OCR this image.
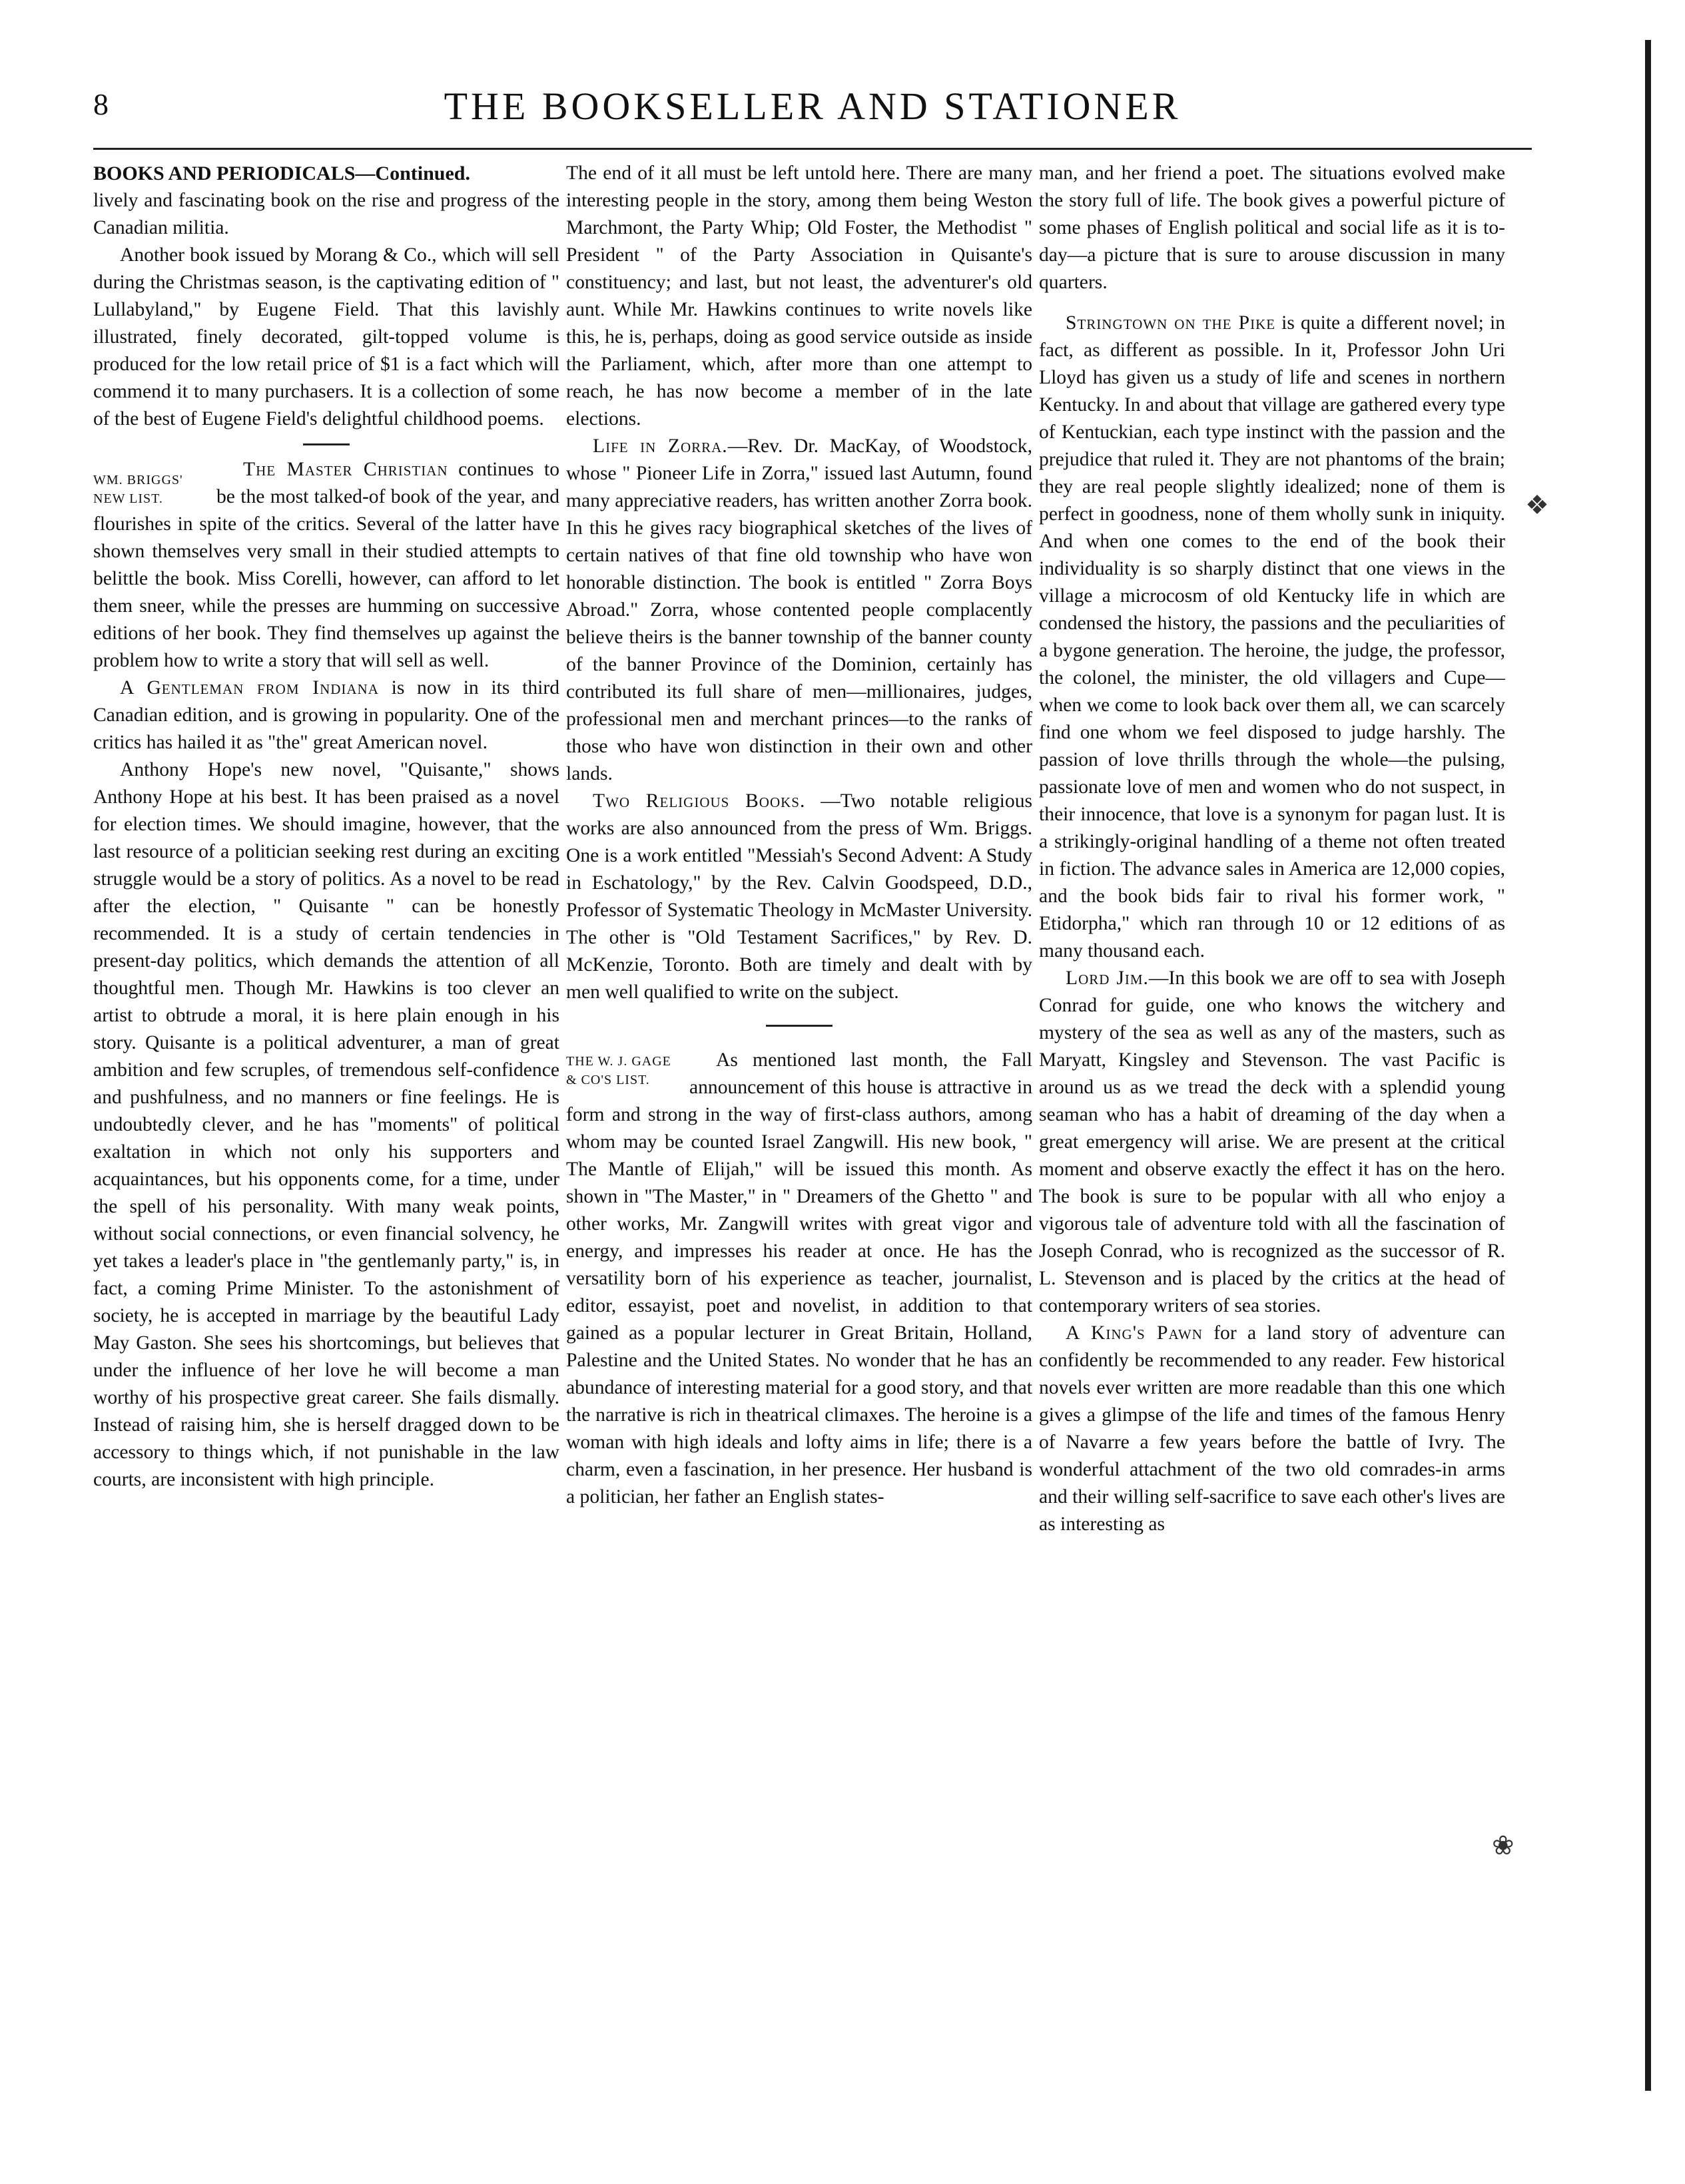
8	THE BOOKSELLER AND STATIONER
❖
❀
BOOKS AND PERIODICALS—Continued.

lively and fascinating book on the rise and progress of the Canadian militia.

Another book issued by Morang & Co., which will sell during the Christmas season, is the captivating edition of " Lullabyland," by Eugene Field. That this lavishly illustrated, finely decorated, gilt-topped volume is produced for the low retail price of $1 is a fact which will commend it to many purchasers. It is a collection of some of the best of Eugene Field's delightful childhood poems.

WM. BRIGGS'
NEW LIST.

The Master Christian continues to be the most talked-of book of the year, and flourishes in spite of the critics. Several of the latter have shown themselves very small in their studied attempts to belittle the book. Miss Corelli, however, can afford to let them sneer, while the presses are humming on successive editions of her book. They find themselves up against the problem how to write a story that will sell as well.

A Gentleman from Indiana is now in its third Canadian edition, and is growing in popularity. One of the critics has hailed it as "the" great American novel.

Anthony Hope's new novel, "Quisante," shows Anthony Hope at his best. It has been praised as a novel for election times. We should imagine, however, that the last resource of a politician seeking rest during an exciting struggle would be a story of politics. As a novel to be read after the election, " Quisante " can be honestly recommended. It is a study of certain tendencies in present-day politics, which demands the attention of all thoughtful men. Though Mr. Hawkins is too clever an artist to obtrude a moral, it is here plain enough in his story. Quisante is a political adventurer, a man of great ambition and few scruples, of tremendous self-confidence and pushfulness, and no manners or fine feelings. He is undoubtedly clever, and he has "moments" of political exaltation in which not only his supporters and acquaintances, but his opponents come, for a time, under the spell of his personality. With many weak points, without social connections, or even financial solvency, he yet takes a leader's place in "the gentlemanly party," is, in fact, a coming Prime Minister. To the astonishment of society, he is accepted in marriage by the beautiful Lady May Gaston. She sees his shortcomings, but believes that under the influence of her love he will become a man worthy of his prospective great career. She fails dismally. Instead of raising him, she is herself dragged down to be accessory to things which, if not punishable in the law courts, are inconsistent with high principle.

The end of it all must be left untold here. There are many interesting people in the story, among them being Weston Marchmont, the Party Whip; Old Foster, the Methodist " President " of the Party Association in Quisante's constituency; and last, but not least, the adventurer's old aunt. While Mr. Hawkins continues to write novels like this, he is, perhaps, doing as good service outside as inside the Parliament, which, after more than one attempt to reach, he has now become a member of in the late elections.

Life in Zorra.—Rev. Dr. MacKay, of Woodstock, whose " Pioneer Life in Zorra," issued last Autumn, found many appreciative readers, has written another Zorra book. In this he gives racy biographical sketches of the lives of certain natives of that fine old township who have won honorable distinction. The book is entitled " Zorra Boys Abroad." Zorra, whose contented people complacently believe theirs is the banner township of the banner county of the banner Province of the Dominion, certainly has contributed its full share of men—millionaires, judges, professional men and merchant princes—to the ranks of those who have won distinction in their own and other lands.

Two Religious Books. —Two notable religious works are also announced from the press of Wm. Briggs. One is a work entitled "Messiah's Second Advent: A Study in Eschatology," by the Rev. Calvin Goodspeed, D.D., Professor of Systematic Theology in McMaster University. The other is "Old Testament Sacrifices," by Rev. D. McKenzie, Toronto. Both are timely and dealt with by men well qualified to write on the subject.

THE W. J. GAGE
& CO'S LIST.

As mentioned last month, the Fall announcement of this house is attractive in form and strong in the way of first-class authors, among whom may be counted Israel Zangwill. His new book, " The Mantle of Elijah," will be issued this month. As shown in "The Master," in " Dreamers of the Ghetto " and other works, Mr. Zangwill writes with great vigor and energy, and impresses his reader at once. He has the versatility born of his experience as teacher, journalist, editor, essayist, poet and novelist, in addition to that gained as a popular lecturer in Great Britain, Holland, Palestine and the United States. No wonder that he has an abundance of interesting material for a good story, and that the narrative is rich in theatrical climaxes. The heroine is a woman with high ideals and lofty aims in life; there is a charm, even a fascination, in her presence. Her husband is a politician, her father an English states-

man, and her friend a poet. The situations evolved make the story full of life. The book gives a powerful picture of some phases of English political and social life as it is to-day—a picture that is sure to arouse discussion in many quarters.

Stringtown on the Pike is quite a different novel; in fact, as different as possible. In it, Professor John Uri Lloyd has given us a study of life and scenes in northern Kentucky. In and about that village are gathered every type of Kentuckian, each type instinct with the passion and the prejudice that ruled it. They are not phantoms of the brain; they are real people slightly idealized; none of them is perfect in goodness, none of them wholly sunk in iniquity. And when one comes to the end of the book their individuality is so sharply distinct that one views in the village a microcosm of old Kentucky life in which are condensed the history, the passions and the peculiarities of a bygone generation. The heroine, the judge, the professor, the colonel, the minister, the old villagers and Cupe—when we come to look back over them all, we can scarcely find one whom we feel disposed to judge harshly. The passion of love thrills through the whole—the pulsing, passionate love of men and women who do not suspect, in their innocence, that love is a synonym for pagan lust. It is a strikingly-original handling of a theme not often treated in fiction. The advance sales in America are 12,000 copies, and the book bids fair to rival his former work, " Etidorpha," which ran through 10 or 12 editions of as many thousand each.

Lord Jim.—In this book we are off to sea with Joseph Conrad for guide, one who knows the witchery and mystery of the sea as well as any of the masters, such as Maryatt, Kingsley and Stevenson. The vast Pacific is around us as we tread the deck with a splendid young seaman who has a habit of dreaming of the day when a great emergency will arise. We are present at the critical moment and observe exactly the effect it has on the hero. The book is sure to be popular with all who enjoy a vigorous tale of adventure told with all the fascination of Joseph Conrad, who is recognized as the successor of R. L. Stevenson and is placed by the critics at the head of contemporary writers of sea stories.

A King's Pawn for a land story of adventure can confidently be recommended to any reader. Few historical novels ever written are more readable than this one which gives a glimpse of the life and times of the famous Henry of Navarre a few years before the battle of Ivry. The wonderful attachment of the two old comrades-in arms and their willing self-sacrifice to save each other's lives are as interesting as
